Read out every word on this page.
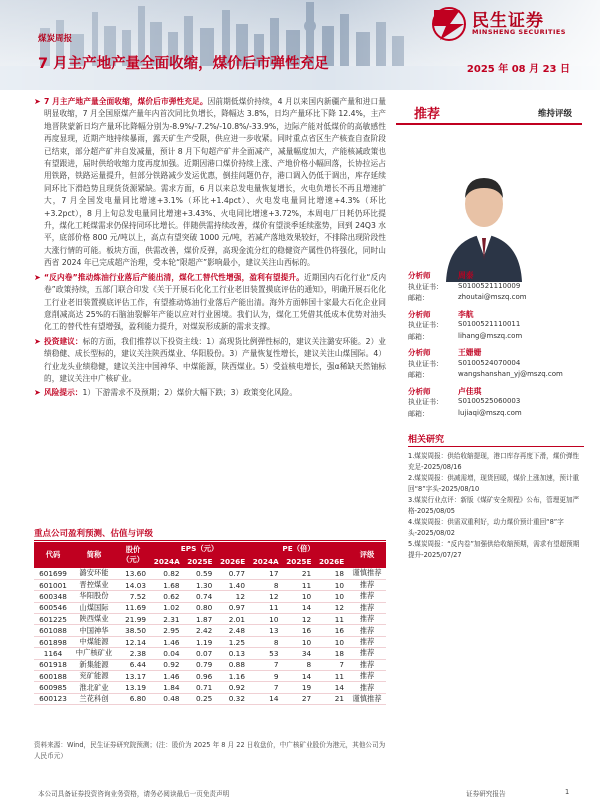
民生证券
MINSHENG SECURITIES
煤炭周报
7 月主产地产量全面收缩，煤价后市弹性充足	2025 年 08 月 23 日

➤ 7 月主产地产量全面收缩，煤价后市弹性充足。因前期低煤价持续，4 月以来国内新疆产量和进口量明显收缩，7 月全国原煤产量年内首次同比负增长，降幅达 3.8%，日均产量环比下降 12.4%，主产地晋陕蒙新日均产量环比降幅分别为-8.9%/-7.2%/-10.8%/-33.9%，边际产能对低煤价的高敏感性再度显现，近期产地持续暴雨，露天矿生产受限，供应进一步收紧。同时重点省区生产核查自查阶段已结束，部分超产矿井自发减量，预计 8 月下旬超产矿井全面减产，减量幅度加大，产能核减政策也有望跟进，届时供给收缩力度再度加强。近期因港口煤价持续上涨、产地价格小幅回落，长协拉运占用铁路，铁路运量提升，但部分铁路减少发运优惠，倒挂问题仍存，港口调入仍低于调出，库存延续同环比下滑趋势且现货货源紧缺。需求方面，6 月以来总发电量恢复增长，火电负增长不再且增速扩大，7 月全国发电量同比增速+3.1%（环比+1.4pct）、火电发电量同比增速+4.3%（环比+3.2pct），8 月上旬总发电量同比增速+3.43%、火电同比增速+3.72%，本周电厂日耗仍环比提升，煤化工耗煤需求仍保持同环比增长。伴随供需持续改善，煤价有望淡季延续涨势，回到 24Q3 水平，底部价格 800 元/吨以上，高点有望突破 1000 元/吨，若减产落地效果较好，不排除出现阶段性大涨行情的可能。板块方面，供需改善，煤价反弹，高现金流分红的稳健资产属性仍将强化，同时山西省 2024 年已完成超产治理，受本轮“限超产”影响最小，建议关注山西标的。

➤ “反内卷”推动炼油行业落后产能出清，煤化工替代性增强，盈利有望提升。近期国内石化行业“反内卷”政策持续，五部门联合印发《关于开展石化化工行业老旧装置摸底评估的通知》，明确开展石化化工行业老旧装置摸底评估工作，有望推动炼油行业落后产能出清。海外方面韩国十家最大石化企业同意削减高达 25%的石脑油裂解年产能以应对行业困境。我们认为，煤化工凭借其低成本优势对油头化工的替代性有望增强，盈利能力提升，对煤炭形成新的需求支撑。

➤ 投资建议：标的方面，我们推荐以下投资主线：1）高现货比例弹性标的，建议关注潞安环能。2）业绩稳健、成长型标的，建议关注陕西煤业、华阳股份。3）产量恢复性增长，建议关注山煤国际。4）行业龙头业绩稳健，建议关注中国神华、中煤能源，陕西煤业。5）受益核电增长，强α稀缺天然铀标的，建议关注中广核矿业。

➤ 风险提示：1）下游需求不及预期；2）煤价大幅下跌；3）政策变化风险。

重点公司盈利预测、估值与评级
代码	简称	股价（元）	EPS（元）			PE（倍）			评级
			2024A	2025E	2026E	2024A	2025E	2026E	
601699	潞安环能	13.60	0.82	0.59	0.77	17	21	18	谨慎推荐
601001	晋控煤业	14.03	1.68	1.30	1.40	8	11	10	推荐
600348	华阳股份	7.52	0.62	0.74	12	12	10	10	推荐
600546	山煤国际	11.69	1.02	0.80	0.97	11	14	12	推荐
601225	陕西煤业	21.99	2.31	1.87	2.01	10	12	11	推荐
601088	中国神华	38.50	2.95	2.42	2.48	13	16	16	推荐
601898	中煤能源	12.14	1.46	1.19	1.25	8	10	10	推荐
1164	中广核矿业	2.38	0.04	0.07	0.13	53	34	18	推荐
601918	新集能源	6.44	0.92	0.79	0.88	7	8	7	推荐
600188	兖矿能源	13.17	1.46	0.96	1.16	9	14	11	推荐
600985	淮北矿业	13.19	1.84	0.71	0.92	7	19	14	推荐
600123	兰花科创	6.80	0.48	0.25	0.32	14	27	21	谨慎推荐
资料来源：Wind，民生证券研究院预测；(注：股价为 2025 年 8 月 22 日收盘价，中广核矿业股价为港元，其他公司为人民币元）
推荐	维持评级
分析师	周泰
执业证书： S0100521110009
邮箱：	zhoutai@mszq.com
分析师	李航
执业证书： S0100521110011
邮箱：	lihang@mszq.com
分析师	王姗姗
执业证书： S0100524070004
邮箱：	wangshanshan_yj@mszq.com
分析师	卢佳琪
执业证书： S0100525060003
邮箱：	lujiaqi@mszq.com
相关研究
1.煤炭周报：供给收缩提现，港口库存再度下滑，煤价弹性充足-2025/08/16
2.煤炭周报：供减需增，现货回暖，煤价上涨加速，预计重回“8”字头-2025/08/10
3.煤炭行业点评：新版《煤矿安全规程》公布，管理更加严格-2025/08/05
4.煤炭周报：供需双重利好，动力煤价预计重回“8”字头-2025/08/02
5.煤炭周报：“反内卷”加强供给收缩预期，需求有望超预期提升-2025/07/27
本公司具备证券投资咨询业务资格，请务必阅读最后一页免责声明	证券研究报告	1
